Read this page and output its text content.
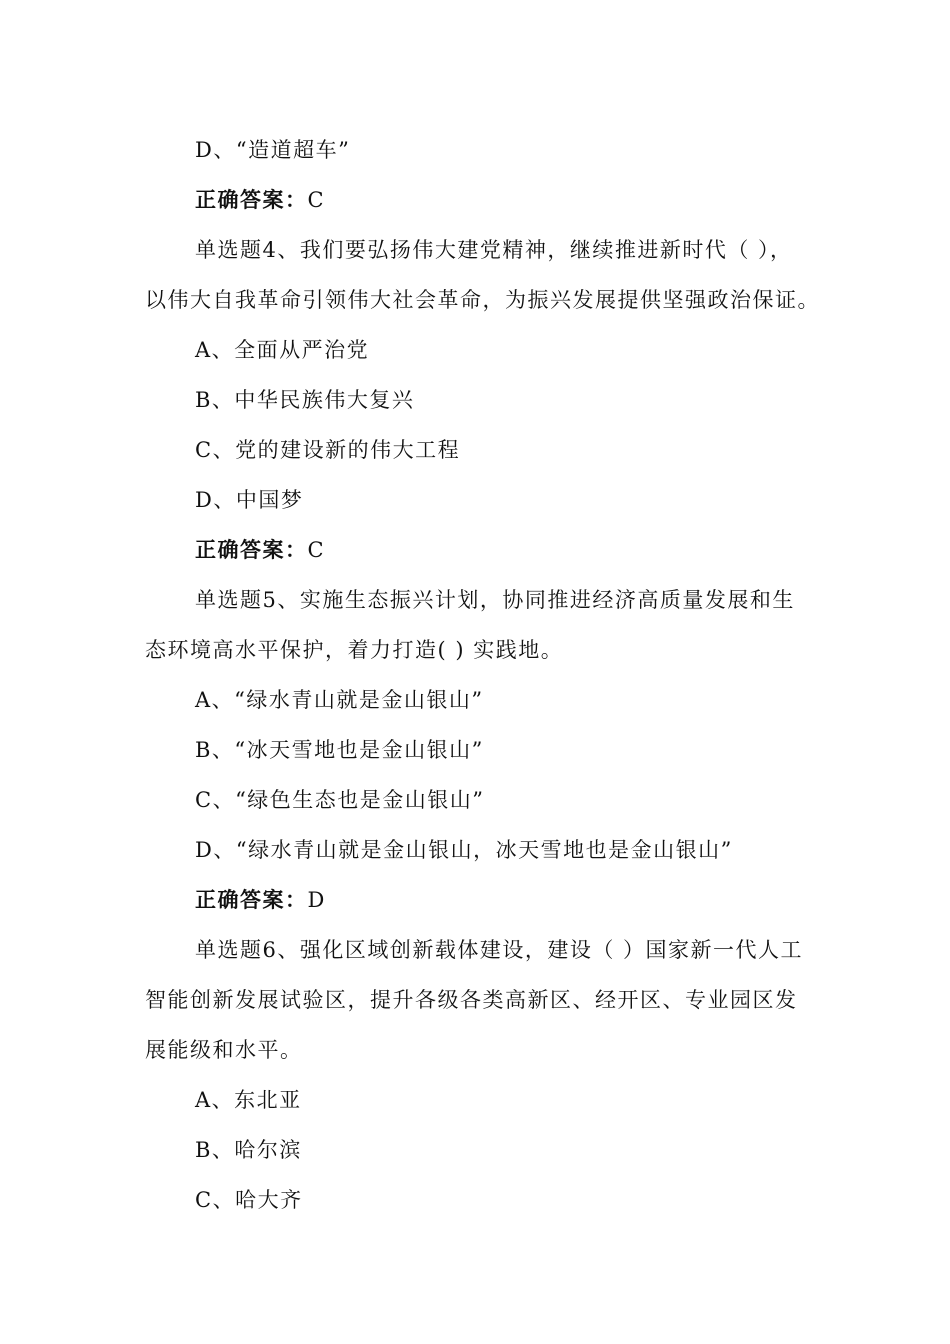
D、“造道超车”
正确答案：C
单选题4、我们要弘扬伟大建党精神，继续推进新时代（ ），
以伟大自我革命引领伟大社会革命，为振兴发展提供坚强政治保证。
A、全面从严治党
B、中华民族伟大复兴
C、党的建设新的伟大工程
D、中国梦
正确答案：C
单选题5、实施生态振兴计划，协同推进经济高质量发展和生
态环境高水平保护，着力打造( ) 实践地。
A、“绿水青山就是金山银山”
B、“冰天雪地也是金山银山”
C、“绿色生态也是金山银山”
D、“绿水青山就是金山银山，冰天雪地也是金山银山”
正确答案：D
单选题6、强化区域创新载体建设，建设（ ）国家新一代人工
智能创新发展试验区，提升各级各类高新区、经开区、专业园区发
展能级和水平。
A、东北亚
B、哈尔滨
C、哈大齐
